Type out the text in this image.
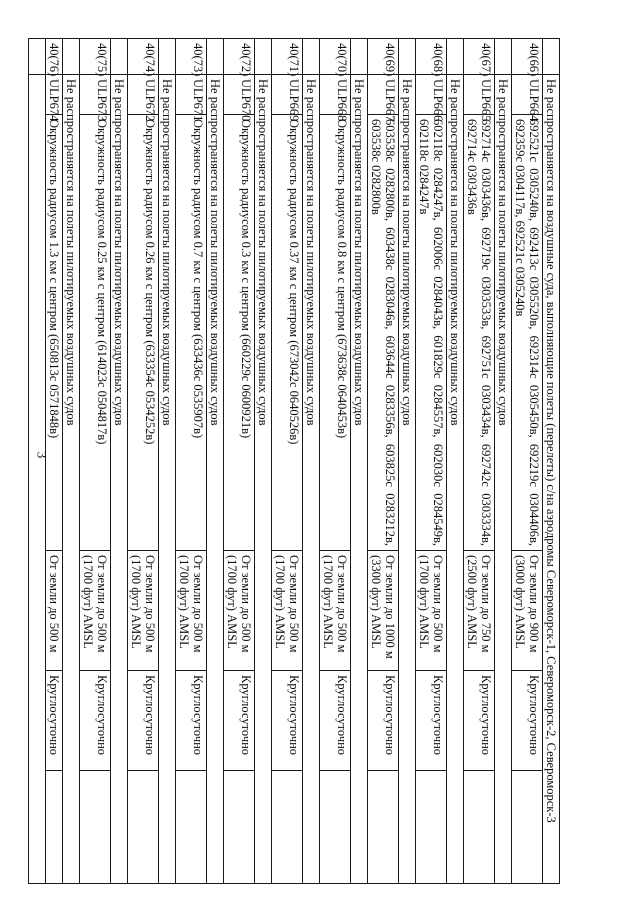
3
		Не распространяется на воздушные суда, выполняющие полеты (перелеты) с/на аэродромы Североморск-1, Североморск-2, Североморск-3				
40(66)	ULP664	692521с 0305240в, 692413с 0305520в, 692314с 0305450в, 692219с 0304406в, 692359с 0304117в, 692521с 0305240в	От земли до 900 м (3000 фут) AMSL	Круглосуточно	
	Не распространяется на полеты пилотируемых воздушных судов				
40(67)	ULP665	692714с 0303436в, 692719с 0303533в, 692751с 0303434в, 692742с 0303334в, 692714с 0303436в	От земли до 750 м (2500 фут) AMSL	Круглосуточно	
	Не распространяется на полеты пилотируемых воздушных судов				
40(68)	ULP666	602118с 0284247в, 602006с 0284043в, 601829с 0284557в, 602030с 0284549в, 602118с 0284247в	От земли до 500 м (1700 фут) AMSL	Круглосуточно	
	Не распространяется на полеты пилотируемых воздушных судов				
40(69)	ULP667	603538с 0282800в, 603438с 0283046в, 603644с 0283356в, 603825с 0283212в, 603538с 0282800в	От земли до 1000 м (3300 фут) AMSL	Круглосуточно	
	Не распространяется на полеты пилотируемых воздушных судов				
40(70)	ULP668	Окружность радиусом 0.8 км с центром (673638с 0640453в)	От земли до 500 м (1700 фут) AMSL	Круглосуточно	
	Не распространяется на полеты пилотируемых воздушных судов				
40(71)	ULP669	Окружность радиусом 0.37 км с центром (673042с 0640526в)	От земли до 500 м (1700 фут) AMSL	Круглосуточно	
	Не распространяется на полеты пилотируемых воздушных судов				
40(72)	ULP670	Окружность радиусом 0.3 км с центром (660229с 0600921в)	От земли до 500 м (1700 фут) AMSL	Круглосуточно	
	Не распространяется на полеты пилотируемых воздушных судов				
40(73)	ULP671	Окружность радиусом 0.7 км с центром (633436с 0535907в)	От земли до 500 м (1700 фут) AMSL	Круглосуточно	
	Не распространяется на полеты пилотируемых воздушных судов				
40(74)	ULP672	Окружность радиусом 0.26 км с центром (633354с 0534252в)	От земли до 500 м (1700 фут) AMSL	Круглосуточно	
	Не распространяется на полеты пилотируемых воздушных судов				
40(75)	ULP673	Окружность радиусом 0.25 км с центром (614023с 0504817в)	От земли до 500 м (1700 фут) AMSL	Круглосуточно	
	Не распространяется на полеты пилотируемых воздушных судов				
40(76)	ULP674	Окружность радиусом 1.3 км с центром (650813с 0571848в)	От земли до 500 м	Круглосуточно	
